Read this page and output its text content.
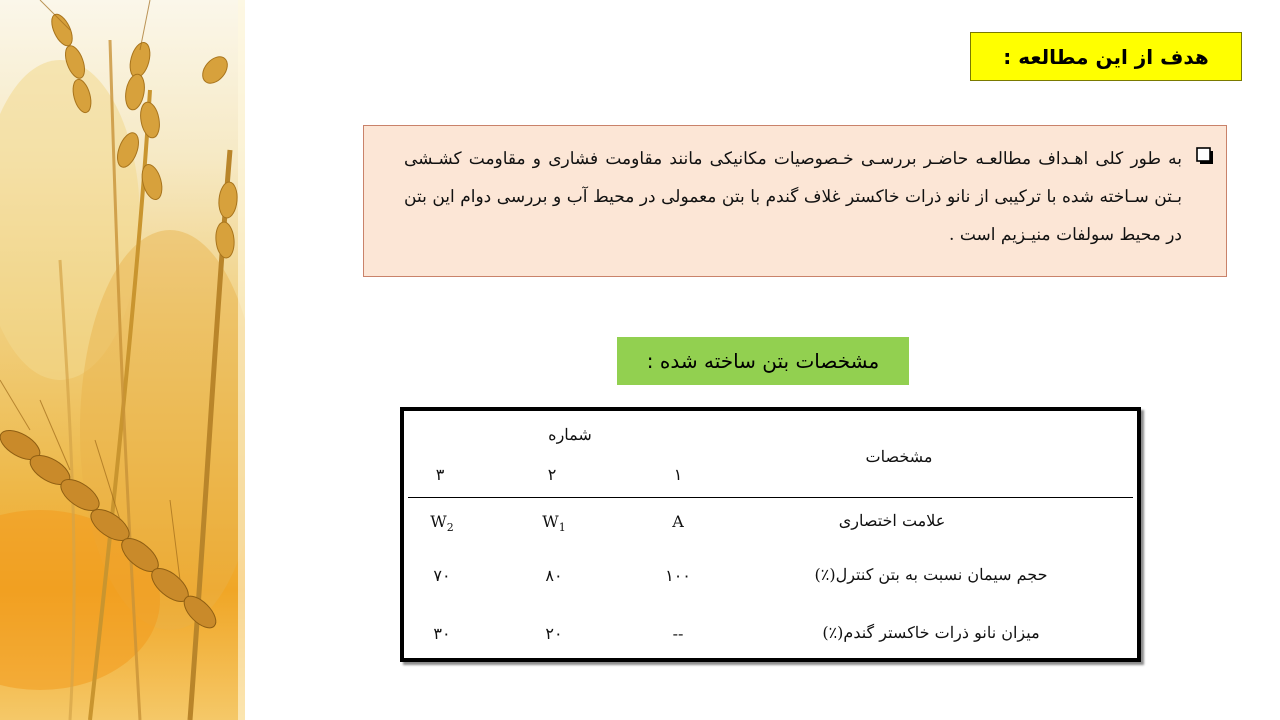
هدف از این مطالعه :

به طور کلی اهـداف مطالعـه حاضـر بررسـی خـصوصیات مکانیکی مانند مقاومت فشاری و مقاومت کشـشی بـتن سـاخته شده با ترکیبی از نانو ذرات خاکستر غلاف گندم با بتن معمولی در محیط آب و بررسی دوام این بتن در محیط سولفات منیـزیم است .

مشخصات بتن ساخته شده :
مشخصات
شماره
۱
۲
۳
علامت اختصاری
A
$W_1$
$W_2$
حجم سیمان نسبت به بتن کنترل(٪)
۱۰۰
۸۰
۷۰
میزان نانو ذرات خاکستر گندم(٪)
--
۲۰
۳۰
